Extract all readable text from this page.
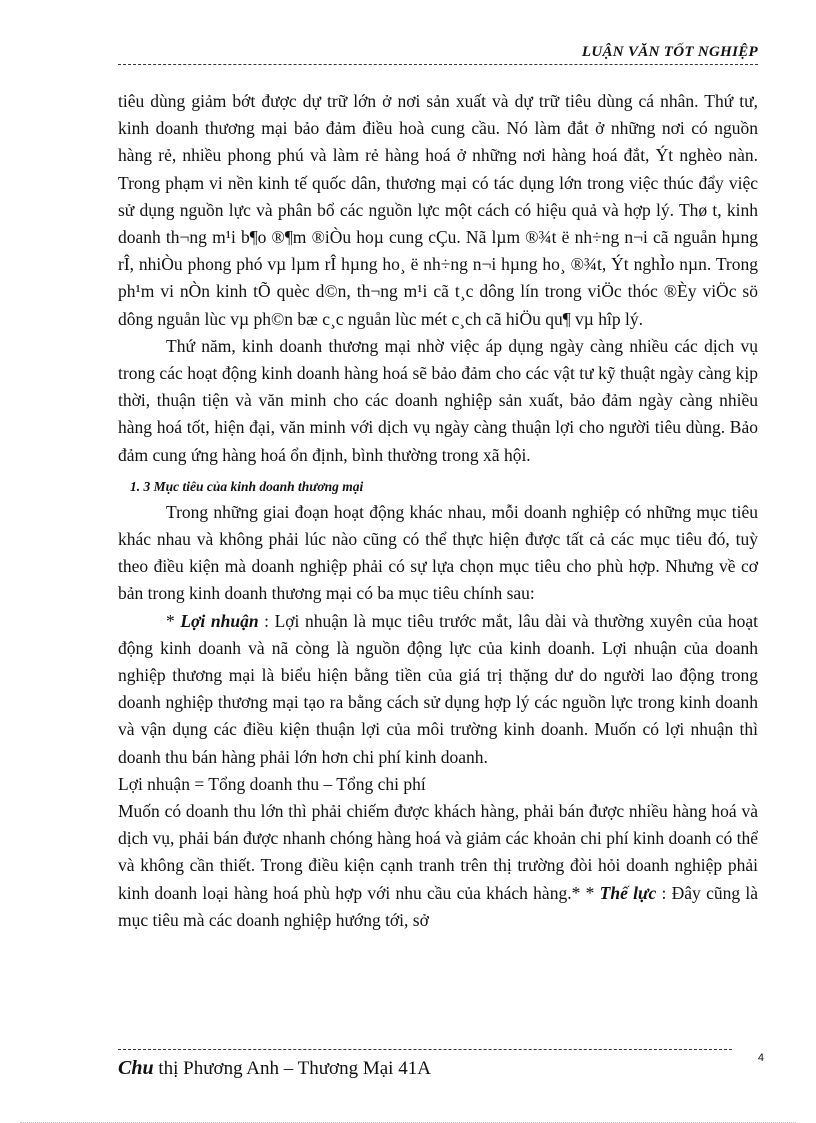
LUẬN VĂN TỐT NGHIỆP

tiêu dùng giảm bớt được dự trữ lớn ở nơi sản xuất và dự trữ tiêu dùng cá nhân. Thứ tư, kinh doanh thương mại bảo đảm điều hoà cung cầu. Nó làm đắt ở những nơi có nguồn hàng rẻ, nhiều phong phú và làm rẻ hàng hoá ở những nơi hàng hoá đắt, Ýt nghèo nàn. Trong phạm vi nền kinh tế quốc dân, thương mại có tác dụng lớn trong việc thúc đẩy việc sử dụng nguồn lực và phân bổ các nguồn lực một cách có hiệu quả và hợp lý. Thø t, kinh doanh th¬ng m¹i b¶o ®¶m ®iÒu hoµ cung cÇu. Nã lµm ®¾t ë nh÷ng n¬i cã nguån hµng rÎ, nhiÒu phong phó vµ lµm rÎ hµng ho¸ ë nh÷ng n¬i hµng ho¸ ®¾t, Ýt nghÌo nµn. Trong ph¹m vi nÒn kinh tÕ quèc d©n, th¬ng m¹i cã t¸c dông lín trong viÖc thóc ®Èy viÖc sö dông nguån lùc vµ ph©n bæ c¸c nguån lùc mét c¸ch cã hiÖu qu¶ vµ hîp lý.

Thứ năm, kinh doanh thương mại nhờ việc áp dụng ngày càng nhiều các dịch vụ trong các hoạt động kinh doanh hàng hoá sẽ bảo đảm cho các vật tư kỹ thuật ngày càng kịp thời, thuận tiện và văn minh cho các doanh nghiệp sản xuất, bảo đảm ngày càng nhiều hàng hoá tốt, hiện đại, văn minh với dịch vụ ngày càng thuận lợi cho người tiêu dùng. Bảo đảm cung ứng hàng hoá ổn định, bình thường trong xã hội.

1. 3 Mục tiêu của kinh doanh thương mại

Trong những giai đoạn hoạt động khác nhau, mỗi doanh nghiệp có những mục tiêu khác nhau và không phải lúc nào cũng có thể thực hiện được tất cả các mục tiêu đó, tuỳ theo điều kiện mà doanh nghiệp phải có sự lựa chọn mục tiêu cho phù hợp. Nhưng về cơ bản trong kinh doanh thương mại có ba mục tiêu chính sau:

* Lợi nhuận : Lợi nhuận là mục tiêu trước mắt, lâu dài và thường xuyên của hoạt động kinh doanh và nã còng là nguồn động lực của kinh doanh. Lợi nhuận của doanh nghiệp thương mại là biểu hiện bằng tiền của giá trị thặng dư do người lao động trong doanh nghiệp thương mại tạo ra bằng cách sử dụng hợp lý các nguồn lực trong kinh doanh và vận dụng các điều kiện thuận lợi của môi trường kinh doanh. Muốn có lợi nhuận thì doanh thu bán hàng phải lớn hơn chi phí kinh doanh.

Lợi nhuận = Tổng doanh thu – Tổng chi phí

Muốn có doanh thu lớn thì phải chiếm được khách hàng, phải bán được nhiều hàng hoá và dịch vụ, phải bán được nhanh chóng hàng hoá và giảm các khoản chi phí kinh doanh có thể và không cần thiết. Trong điều kiện cạnh tranh trên thị trường đòi hỏi doanh nghiệp phải kinh doanh loại hàng hoá phù hợp với nhu cầu của khách hàng.* * Thế lực : Đây cũng là mục tiêu mà các doanh nghiệp hướng tới, sở

Chu thị Phương Anh – Thương Mại 41A	4
